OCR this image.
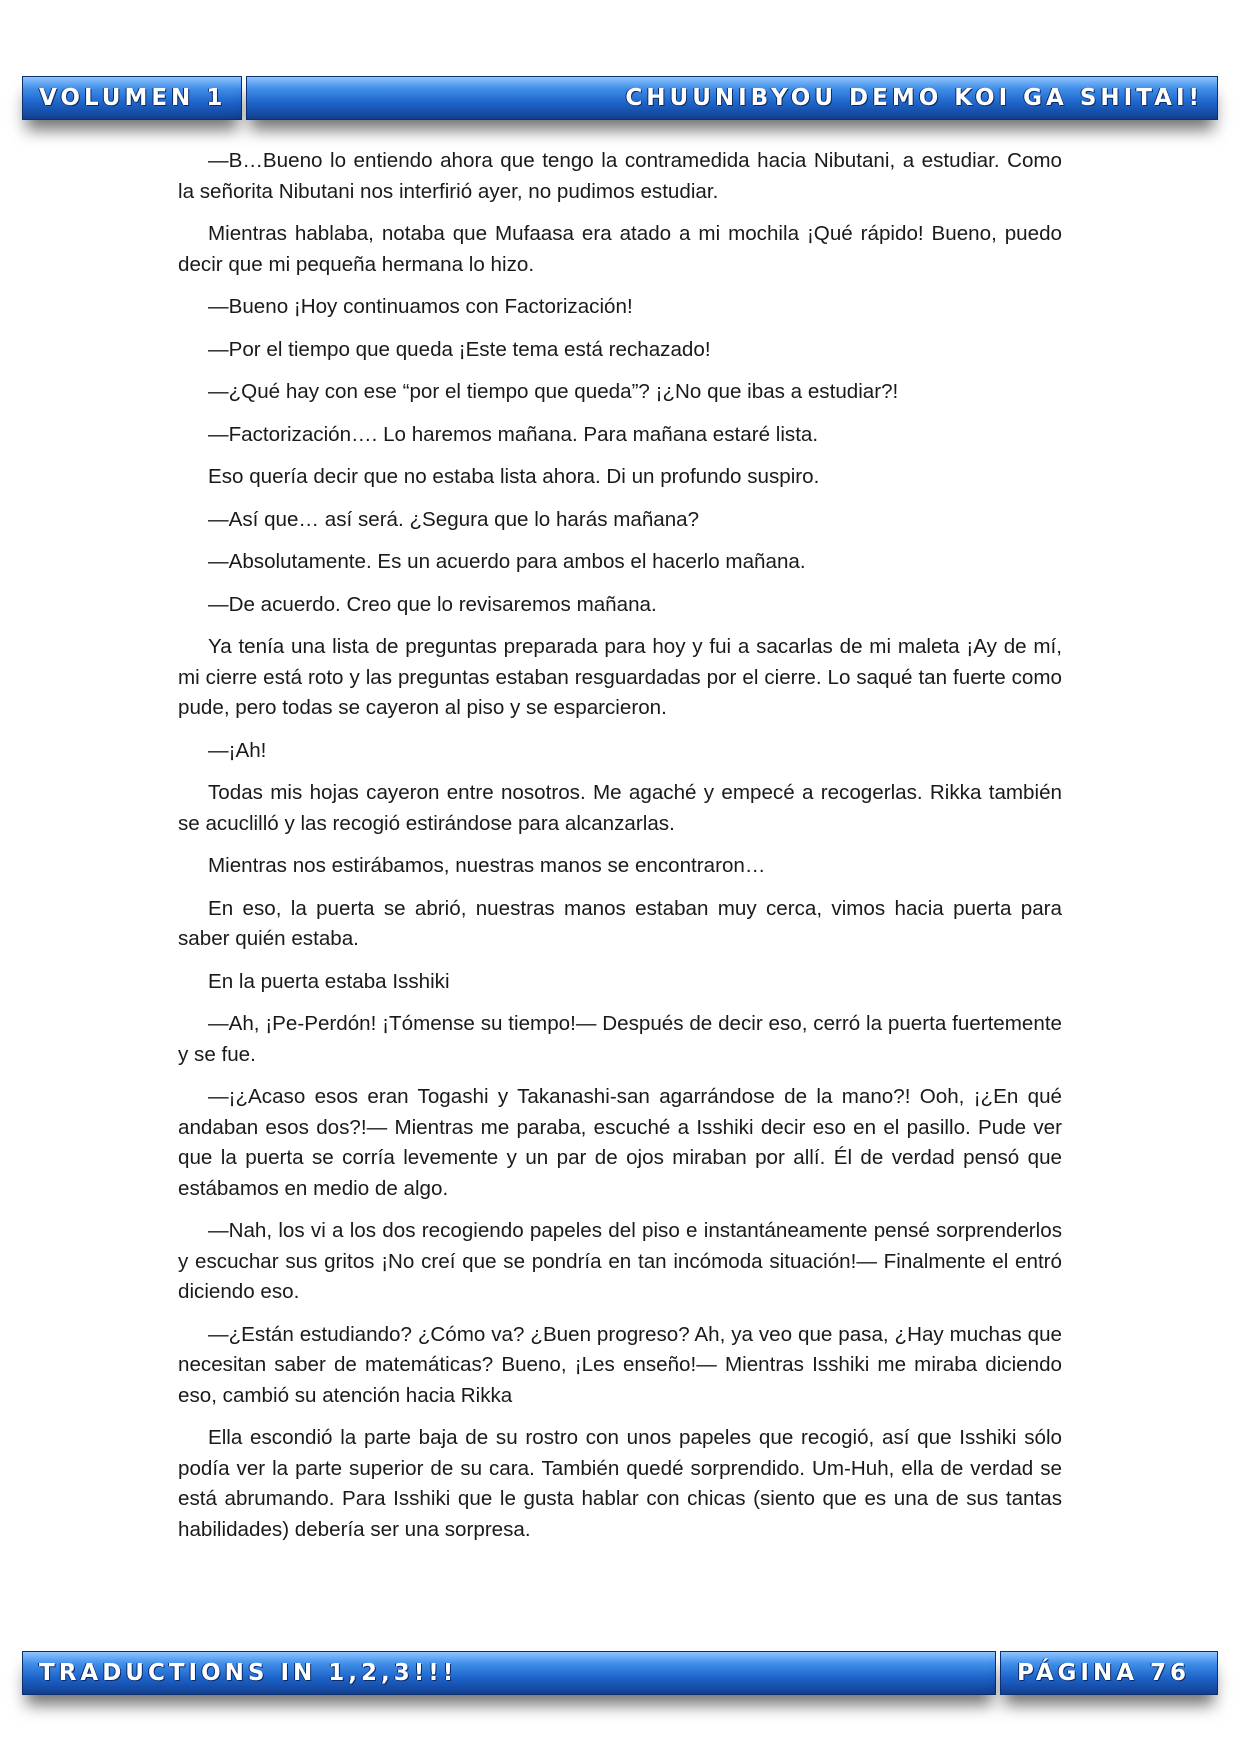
VOLUMEN 1	CHUUNIBYOU DEMO KOI GA SHITAI!

—B…Bueno lo entiendo ahora que tengo la contramedida hacia Nibutani, a estudiar. Como la señorita Nibutani nos interfirió ayer, no pudimos estudiar.

Mientras hablaba, notaba que Mufaasa era atado a mi mochila ¡Qué rápido! Bueno, puedo decir que mi pequeña hermana lo hizo.

—Bueno ¡Hoy continuamos con Factorización!

—Por el tiempo que queda ¡Este tema está rechazado!

—¿Qué hay con ese “por el tiempo que queda”? ¡¿No que ibas a estudiar?!

—Factorización…. Lo haremos mañana. Para mañana estaré lista.

Eso quería decir que no estaba lista ahora. Di un profundo suspiro.

—Así que… así será. ¿Segura que lo harás mañana?

—Absolutamente. Es un acuerdo para ambos el hacerlo mañana.

—De acuerdo. Creo que lo revisaremos mañana.

Ya tenía una lista de preguntas preparada para hoy y fui a sacarlas de mi maleta ¡Ay de mí, mi cierre está roto y las preguntas estaban resguardadas por el cierre. Lo saqué tan fuerte como pude, pero todas se cayeron al piso y se esparcieron.

—¡Ah!

Todas mis hojas cayeron entre nosotros. Me agaché y empecé a recogerlas. Rikka también se acuclilló y las recogió estirándose para alcanzarlas.

Mientras nos estirábamos, nuestras manos se encontraron…

En eso, la puerta se abrió, nuestras manos estaban muy cerca, vimos hacia puerta para saber quién estaba.

En la puerta estaba Isshiki

—Ah, ¡Pe-Perdón! ¡Tómense su tiempo!— Después de decir eso, cerró la puerta fuertemente y se fue.

—¡¿Acaso esos eran Togashi y Takanashi-san agarrándose de la mano?! Ooh, ¡¿En qué andaban esos dos?!— Mientras me paraba, escuché a Isshiki decir eso en el pasillo. Pude ver que la puerta se corría levemente y un par de ojos miraban por allí. Él de verdad pensó que estábamos en medio de algo.

—Nah, los vi a los dos recogiendo papeles del piso e instantáneamente pensé sorprenderlos y escuchar sus gritos ¡No creí que se pondría en tan incómoda situación!— Finalmente el entró diciendo eso.

—¿Están estudiando? ¿Cómo va? ¿Buen progreso? Ah, ya veo que pasa, ¿Hay muchas que necesitan saber de matemáticas? Bueno, ¡Les enseño!— Mientras Isshiki me miraba diciendo eso, cambió su atención hacia Rikka

Ella escondió la parte baja de su rostro con unos papeles que recogió, así que Isshiki sólo podía ver la parte superior de su cara. También quedé sorprendido. Um-Huh, ella de verdad se está abrumando. Para Isshiki que le gusta hablar con chicas (siento que es una de sus tantas habilidades) debería ser una sorpresa.

TRADUCTIONS IN 1,2,3!!!	PÁGINA 76
